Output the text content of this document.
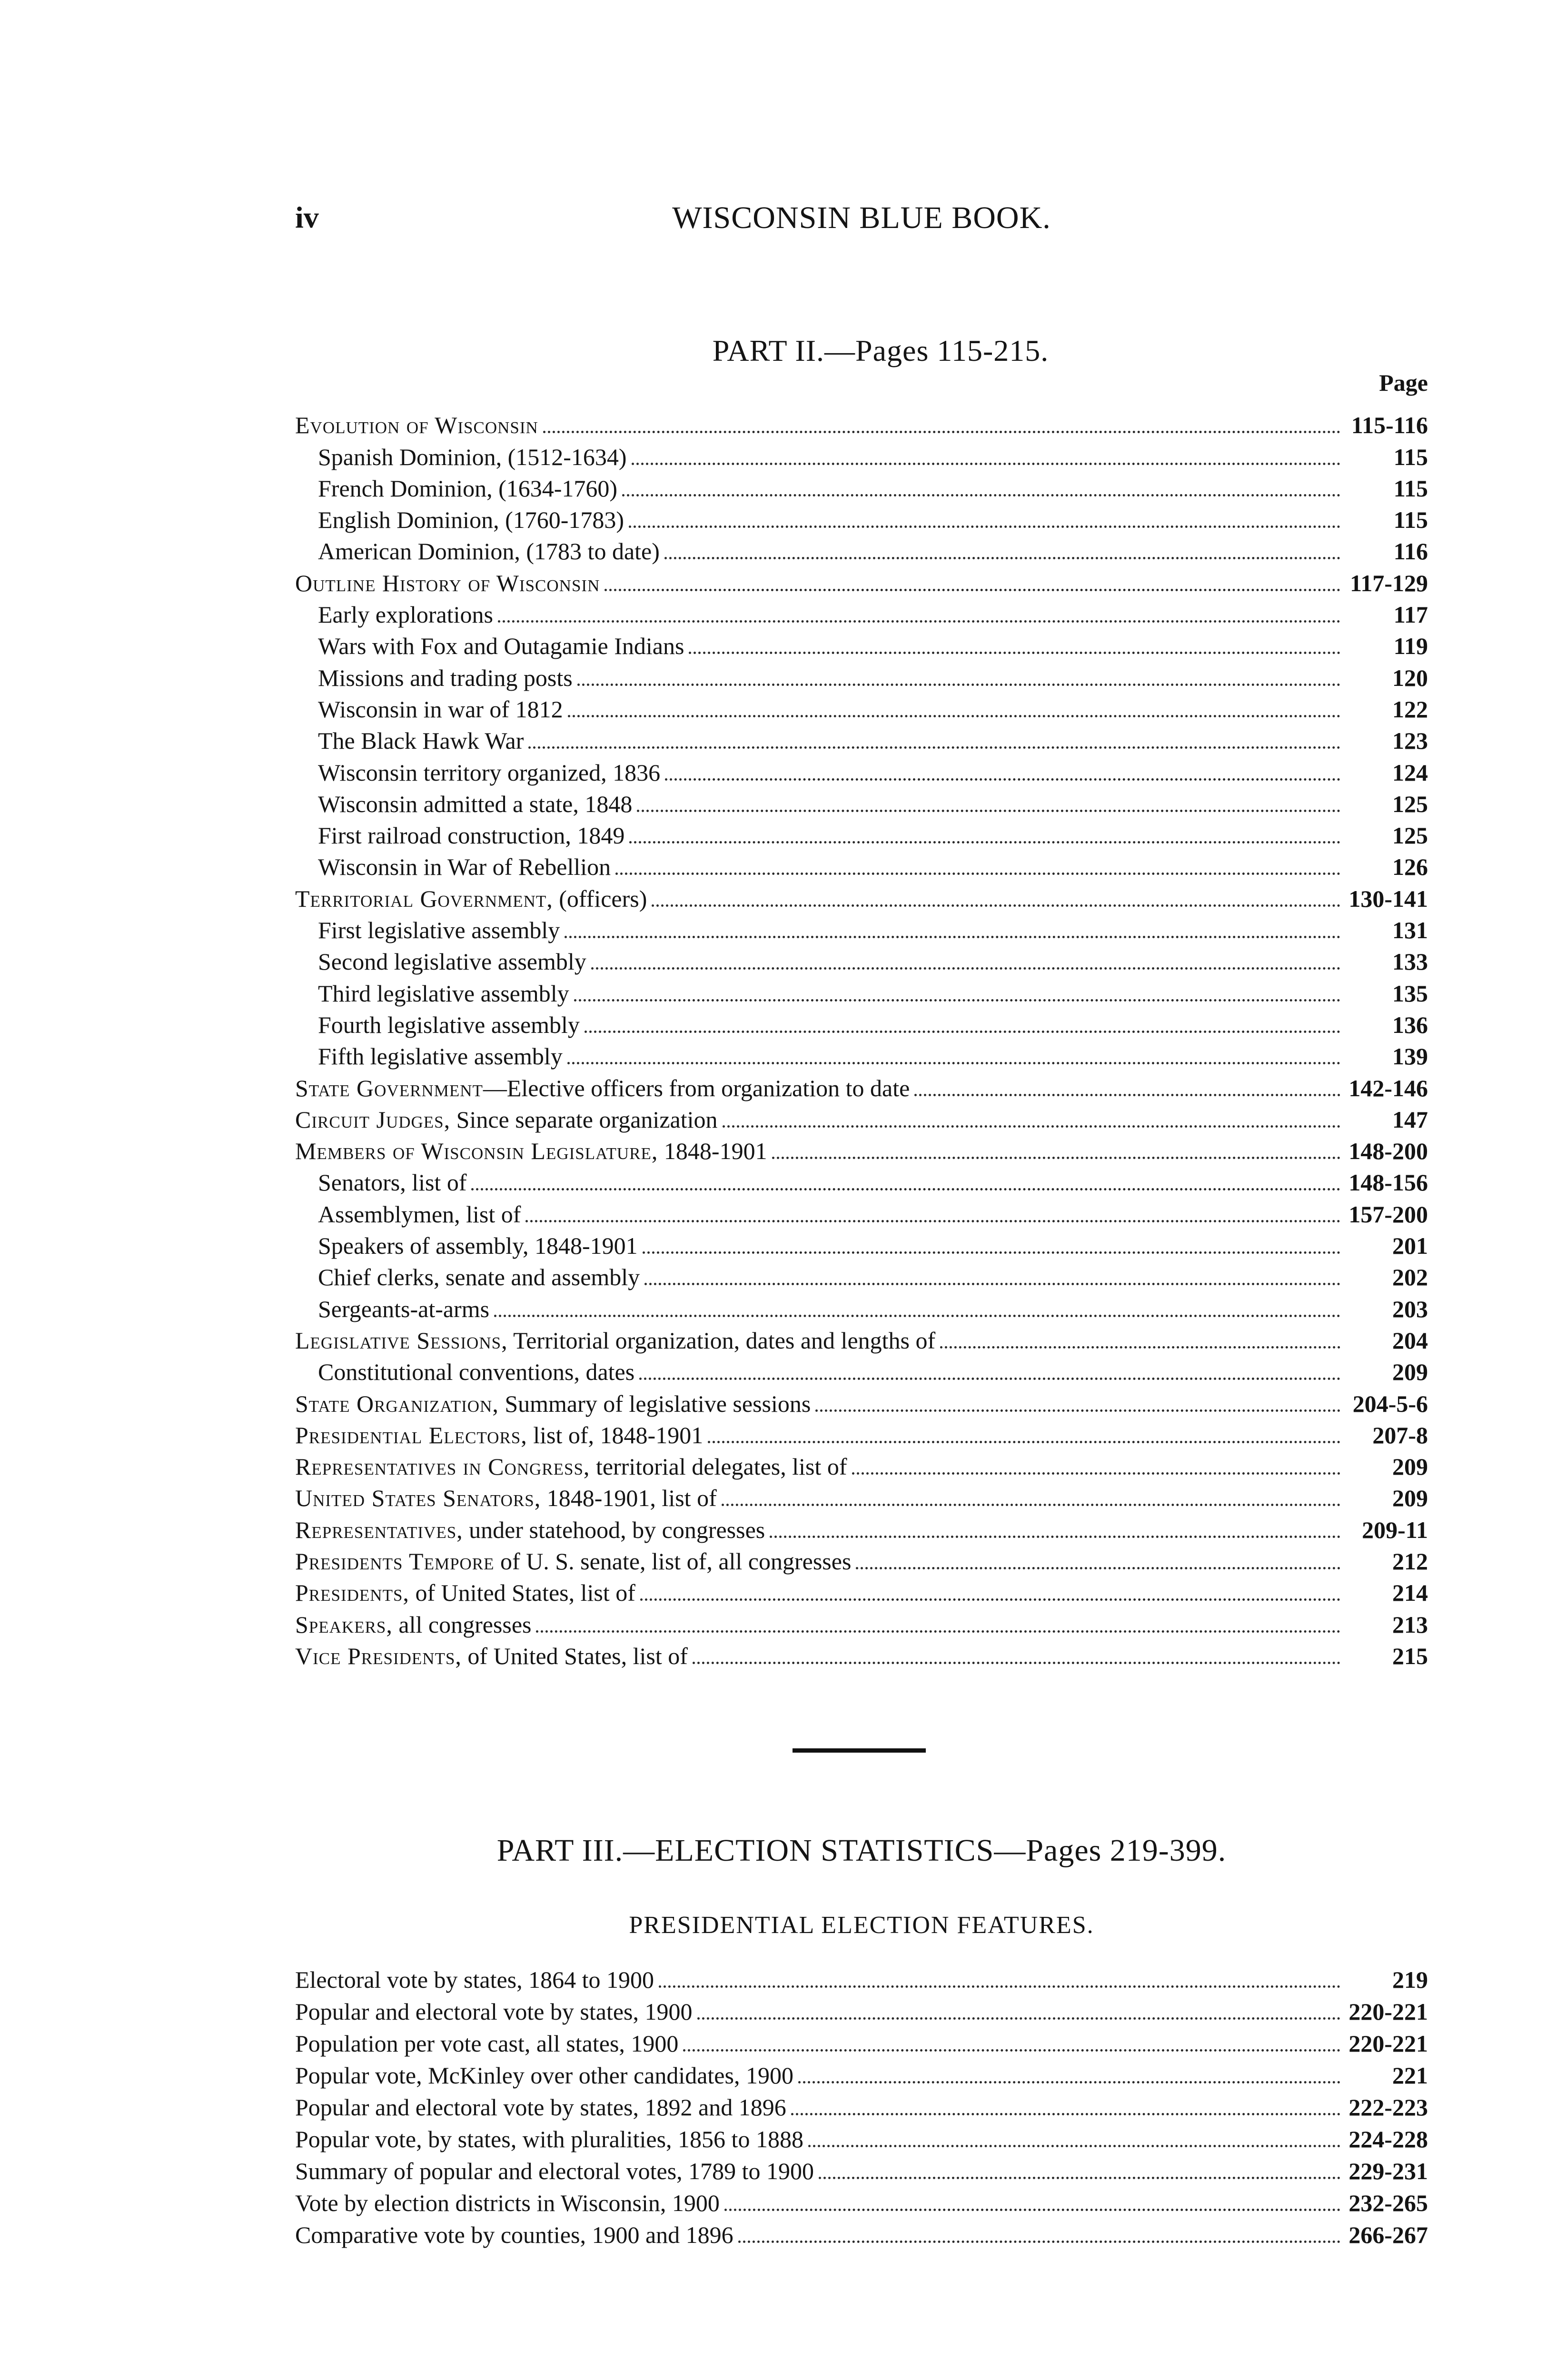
iv	WISCONSIN BLUE BOOK.
PART II.—Pages 115-215.
Page
Evolution of Wisconsin	115-116
Spanish Dominion, (1512-1634)	115
French Dominion, (1634-1760)	115
English Dominion, (1760-1783)	115
American Dominion, (1783 to date)	116
Outline History of Wisconsin	117-129
Early explorations	117
Wars with Fox and Outagamie Indians	119
Missions and trading posts	120
Wisconsin in war of 1812	122
The Black Hawk War	123
Wisconsin territory organized, 1836	124
Wisconsin admitted a state, 1848	125
First railroad construction, 1849	125
Wisconsin in War of Rebellion	126
Territorial Government, (officers)	130-141
First legislative assembly	131
Second legislative assembly	133
Third legislative assembly	135
Fourth legislative assembly	136
Fifth legislative assembly	139
State Government—Elective officers from organization to date	142-146
Circuit Judges, Since separate organization	147
Members of Wisconsin Legislature, 1848-1901	148-200
Senators, list of	148-156
Assemblymen, list of	157-200
Speakers of assembly, 1848-1901	201
Chief clerks, senate and assembly	202
Sergeants-at-arms	203
Legislative Sessions, Territorial organization, dates and lengths of	204
Constitutional conventions, dates	209
State Organization, Summary of legislative sessions	204-5-6
Presidential Electors, list of, 1848-1901	207-8
Representatives in Congress, territorial delegates, list of	209
United States Senators, 1848-1901, list of	209
Representatives, under statehood, by congresses	209-11
Presidents Tempore of U. S. senate, list of, all congresses	212
Presidents, of United States, list of	214
Speakers, all congresses	213
Vice Presidents, of United States, list of	215
PART III.—ELECTION STATISTICS—Pages 219-399.
PRESIDENTIAL ELECTION FEATURES.
Electoral vote by states, 1864 to 1900	219
Popular and electoral vote by states, 1900	220-221
Population per vote cast, all states, 1900	220-221
Popular vote, McKinley over other candidates, 1900	221
Popular and electoral vote by states, 1892 and 1896	222-223
Popular vote, by states, with pluralities, 1856 to 1888	224-228
Summary of popular and electoral votes, 1789 to 1900	229-231
Vote by election districts in Wisconsin, 1900	232-265
Comparative vote by counties, 1900 and 1896	266-267
